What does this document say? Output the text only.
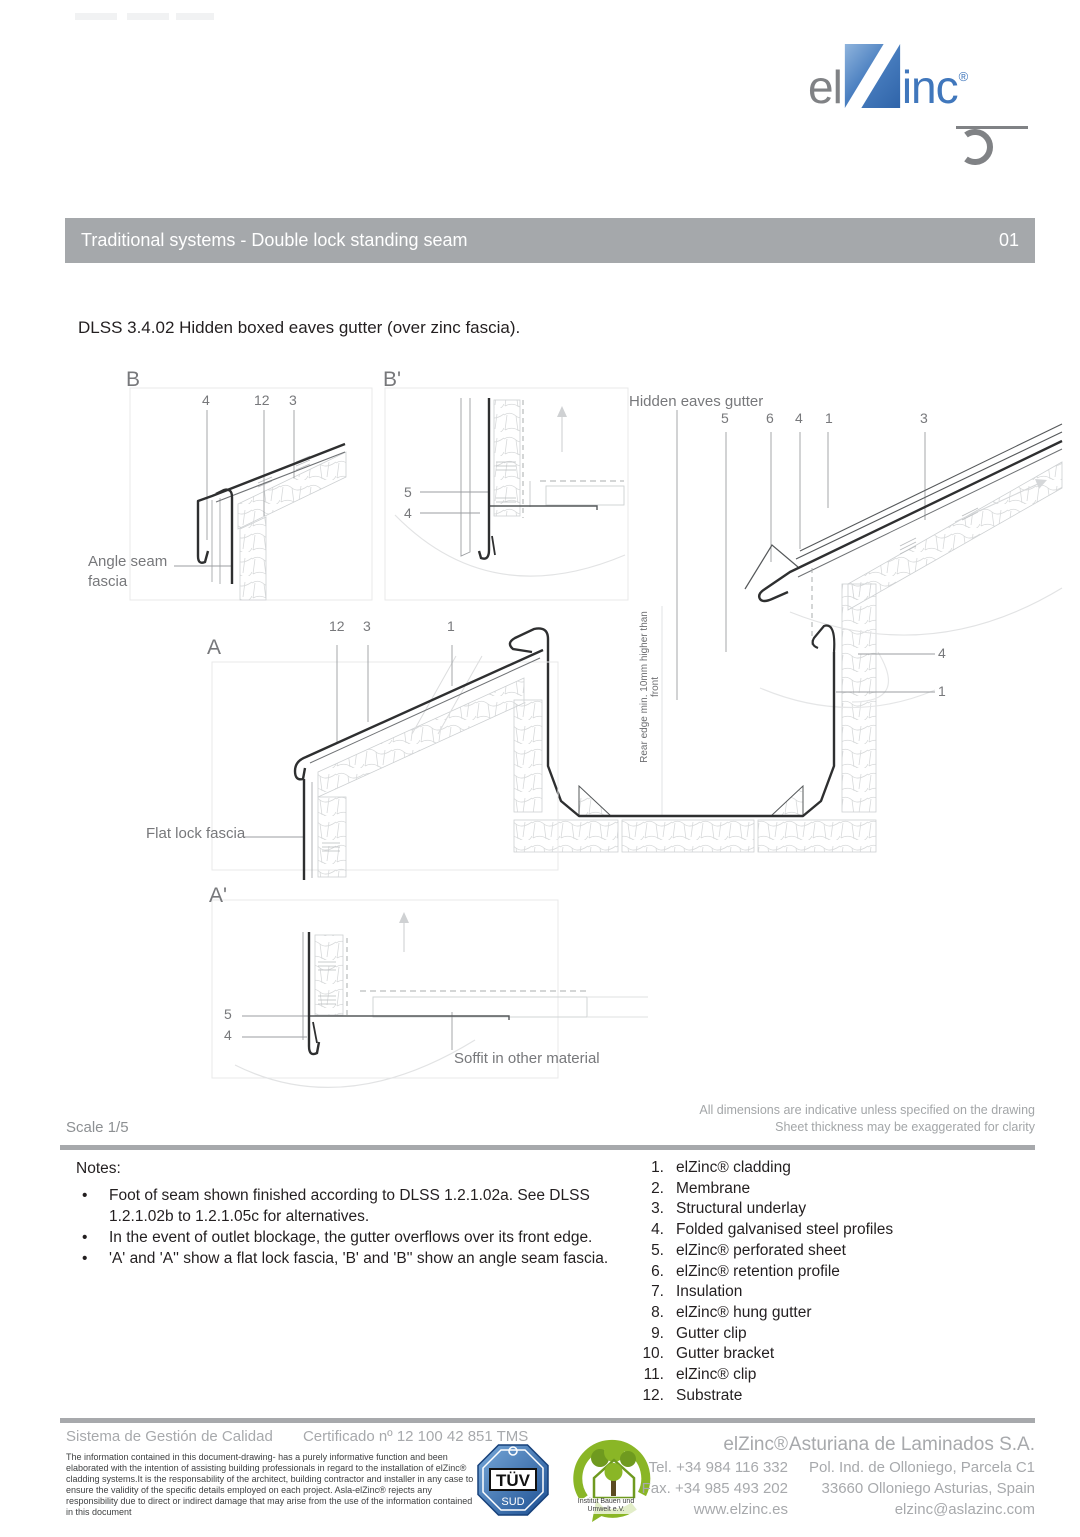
el inc ®
Traditional systems - Double lock standing seam	01
DLSS 3.4.02 Hidden boxed eaves gutter (over zinc fascia).
B
4	12 3
Angle seam fascia
B'
5
4
Hidden eaves gutter
5	6 4 1	3
4
1
Rear edge min. 10mm higher than front
A
12 3	1
Flat lock fascia
A'
5
4
Soffit in other material
Scale 1/5
All dimensions are indicative unless specified on the drawing
Sheet thickness may be exaggerated for clarity
Notes:
• Foot of seam shown finished according to DLSS 1.2.1.02a. See DLSS 1.2.1.02b to 1.2.1.05c for alternatives.
• In the event of outlet blockage, the gutter overflows over its front edge.
• 'A' and 'A'' show a flat lock fascia, 'B' and 'B'' show an angle seam fascia.
1. elZinc® cladding
2. Membrane
3. Structural underlay
4. Folded galvanised steel profiles
5. elZinc® perforated sheet
6. elZinc® retention profile
7. Insulation
8. elZinc® hung gutter
9. Gutter clip
10. Gutter bracket
11. elZinc® clip
12. Substrate
Sistema de Gestión de Calidad Certificado nº 12 100 42 851 TMS
The information contained in this document-drawing- has a purely informative function and been elaborated with the intention of assisting building professionals in regard to the installation of elZinc® cladding systems.It is the responsability of the architect, building contractor and installer in any case to ensure the validity of the specific details employed on each project. Asla-elZinc® rejects any responsibility due to direct or indirect damage that may arise from the use of the information contained in this document
TÜV
SUD	Institut Bauen und Umwelt e.V.
elZinc®
Tel. +34 984 116 332
Fax. +34 985 493 202
www.elzinc.es
Asturiana de Laminados S.A.
Pol. Ind. de Olloniego, Parcela C1
33660 Olloniego Asturias, Spain
elzinc@aslazinc.com
